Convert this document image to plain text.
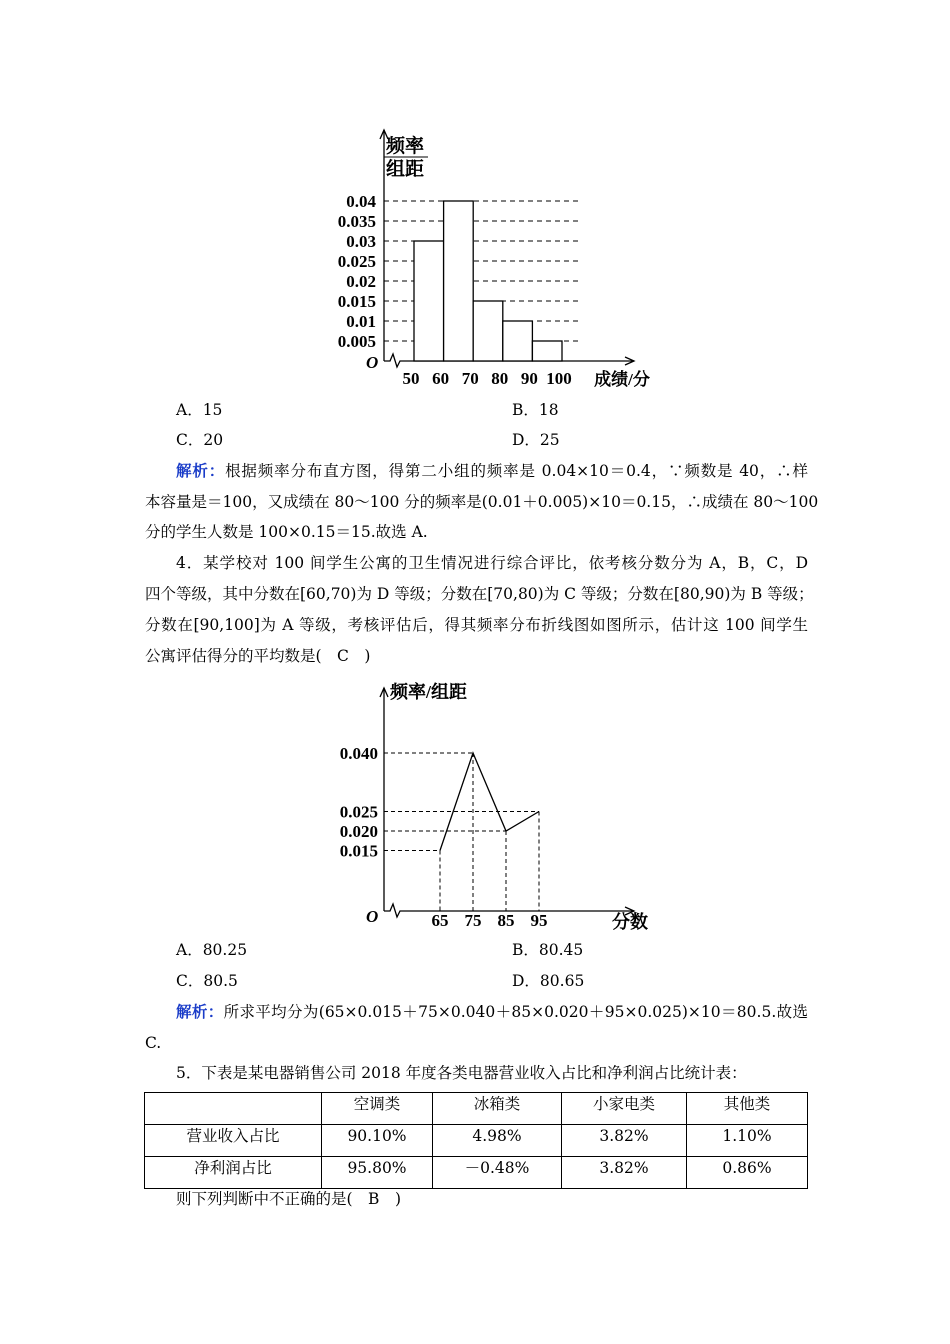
0.005
0.01
0.015
0.02
0.025
0.03
0.035
0.04
50 60 70 80 90 100 成绩/分
频率
组距
O
A．15	B．18
C．20	D．25
解析：根据频率分布直方图，得第二小组的频率是 0.04×10＝0.4，∵频数是 40，∴样
本容量是＝100，又成绩在 80～100 分的频率是(0.01＋0.005)×10＝0.15，∴成绩在 80～100
分的学生人数是 100×0.15＝15.故选 A.
4．某学校对 100 间学生公寓的卫生情况进行综合评比，依考核分数分为 A，B，C，D
四个等级，其中分数在[60,70)为 D 等级；分数在[70,80)为 C 等级；分数在[80,90)为 B 等级；
分数在[90,100]为 A 等级，考核评估后，得其频率分布折线图如图所示，估计这 100 间学生
公寓评估得分的平均数是(　C　)
65 75 85 95
0.015
0.020
0.025
0.040
频率/组距
分数
O
A．80.25	B．80.45
C．80.5	D．80.65
解析：所求平均分为(65×0.015＋75×0.040＋85×0.020＋95×0.025)×10＝80.5.故选
C.
5．下表是某电器销售公司 2018 年度各类电器营业收入占比和净利润占比统计表：
	空调类	冰箱类	小家电类	其他类
营业收入占比	90.10%	4.98%	3.82%	1.10%
净利润占比	95.80%	－0.48%	3.82%	0.86%
则下列判断中不正确的是(　B　)
